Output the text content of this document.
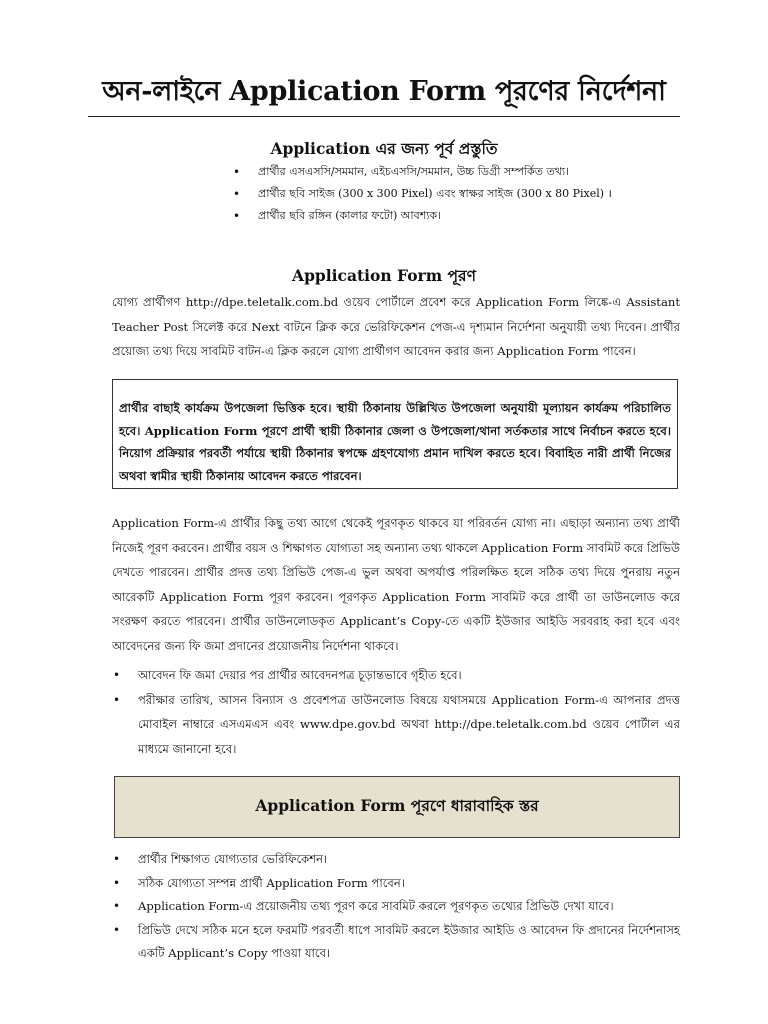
অন-লাইনে Application Form পূরণের নির্দেশনা
Application এর জন্য পূর্ব প্রস্তুতি
• প্রার্থীর এসএসসি/সমমান, এইচএসসি/সমমান, উচ্চ ডিগ্রী সম্পর্কিত তথ্য।
• প্রার্থীর ছবি সাইজ (300 x 300 Pixel) এবং স্বাক্ষর সাইজ (300 x 80 Pixel) ।
• প্রার্থীর ছবি রঙ্গিন (কালার ফটো) আবশ্যক।
Application Form পূরণ

যোগ্য প্রার্থীগণ http://dpe.teletalk.com.bd ওয়েব পোর্টালে প্রবেশ করে Application Form লিঙ্কে-এ Assistant Teacher Post সিলেক্ট করে Next বাটনে ক্লিক করে ভেরিফিকেশন পেজ-এ দৃশ্যমান নির্দেশনা অনুযায়ী তথ্য দিবেন। প্রার্থীর প্রয়োজ্য তথ্য দিয়ে সাবমিট বাটন-এ ক্লিক করলে যোগ্য প্রার্থীগণ আবেদন করার জন্য Application Form পাবেন।

প্রার্থীর বাছাই কার্যক্রম উপজেলা ভিত্তিক হবে। স্থায়ী ঠিকানায় উল্লিখিত উপজেলা অনুযায়ী মূল্যায়ন কার্যক্রম পরিচালিত হবে। Application Form পূরণে প্রার্থী স্থায়ী ঠিকানার জেলা ও উপজেলা/থানা সর্তকতার সাথে নির্বাচন করতে হবে। নিয়োগ প্রক্রিয়ার পরবর্তী পর্যায়ে স্থায়ী ঠিকানার স্বপক্ষে গ্রহণযোগ্য প্রমান দাখিল করতে হবে। বিবাহিত নারী প্রার্থী নিজের অথবা স্বামীর স্থায়ী ঠিকানায় আবেদন করতে পারবেন।

Application Form-এ প্রার্থীর কিছু তথ্য আগে থেকেই পূরণকৃত থাকবে যা পরিবর্তন যোগ্য না। এছাড়া অন্যান্য তথ্য প্রার্থী নিজেই পূরণ করবেন। প্রার্থীর বয়স ও শিক্ষাগত যোগ্যতা সহ অন্যান্য তথ্য থাকলে Application Form সাবমিট করে প্রিভিউ দেখতে পারবেন। প্রার্থীর প্রদত্ত তথ্য প্রিভিউ পেজ-এ ভুল অথবা অপর্যাপ্ত পরিলক্ষিত হলে সঠিক তথ্য দিয়ে পুনরায় নতুন আরেকটি Application Form পূরণ করবেন। পূরণকৃত Application Form সাবমিট করে প্রার্থী তা ডাউনলোড করে সংরক্ষণ করতে পারবেন। প্রার্থীর ডাউনলোডকৃত Applicant’s Copy-তে একটি ইউজার আইডি সরবরাহ করা হবে এবং আবেদনের জন্য ফি জমা প্রদানের প্রয়োজনীয় নির্দেশনা থাকবে।

• আবেদন ফি জমা দেয়ার পর প্রার্থীর আবেদনপত্র চূড়ান্তভাবে গৃহীত হবে।
• পরীক্ষার তারিখ, আসন বিন্যাস ও প্রবেশপত্র ডাউনলোড বিষয়ে যথাসময়ে Application Form-এ আপনার প্রদত্ত মোবাইল নাম্বারে এসএমএস এবং www.dpe.gov.bd অথবা http://dpe.teletalk.com.bd ওয়েব পোর্টাল এর মাধ্যমে জানানো হবে।
Application Form পূরণে ধারাবাহিক স্তর
• প্রার্থীর শিক্ষাগত যোগ্যতার ভেরিফিকেশন।
• সঠিক যোগ্যতা সম্পন্ন প্রার্থী Application Form পাবেন।
• Application Form-এ প্রয়োজনীয় তথ্য পূরণ করে সাবমিট করলে পূরণকৃত তথ্যের প্রিভিউ দেখা যাবে।
• প্রিভিউ দেখে সঠিক মনে হলে ফরমটি পরবর্তী ধাপে সাবমিট করলে ইউজার আইডি ও আবেদন ফি প্রদানের নির্দেশনাসহ একটি Applicant’s Copy পাওয়া যাবে।
